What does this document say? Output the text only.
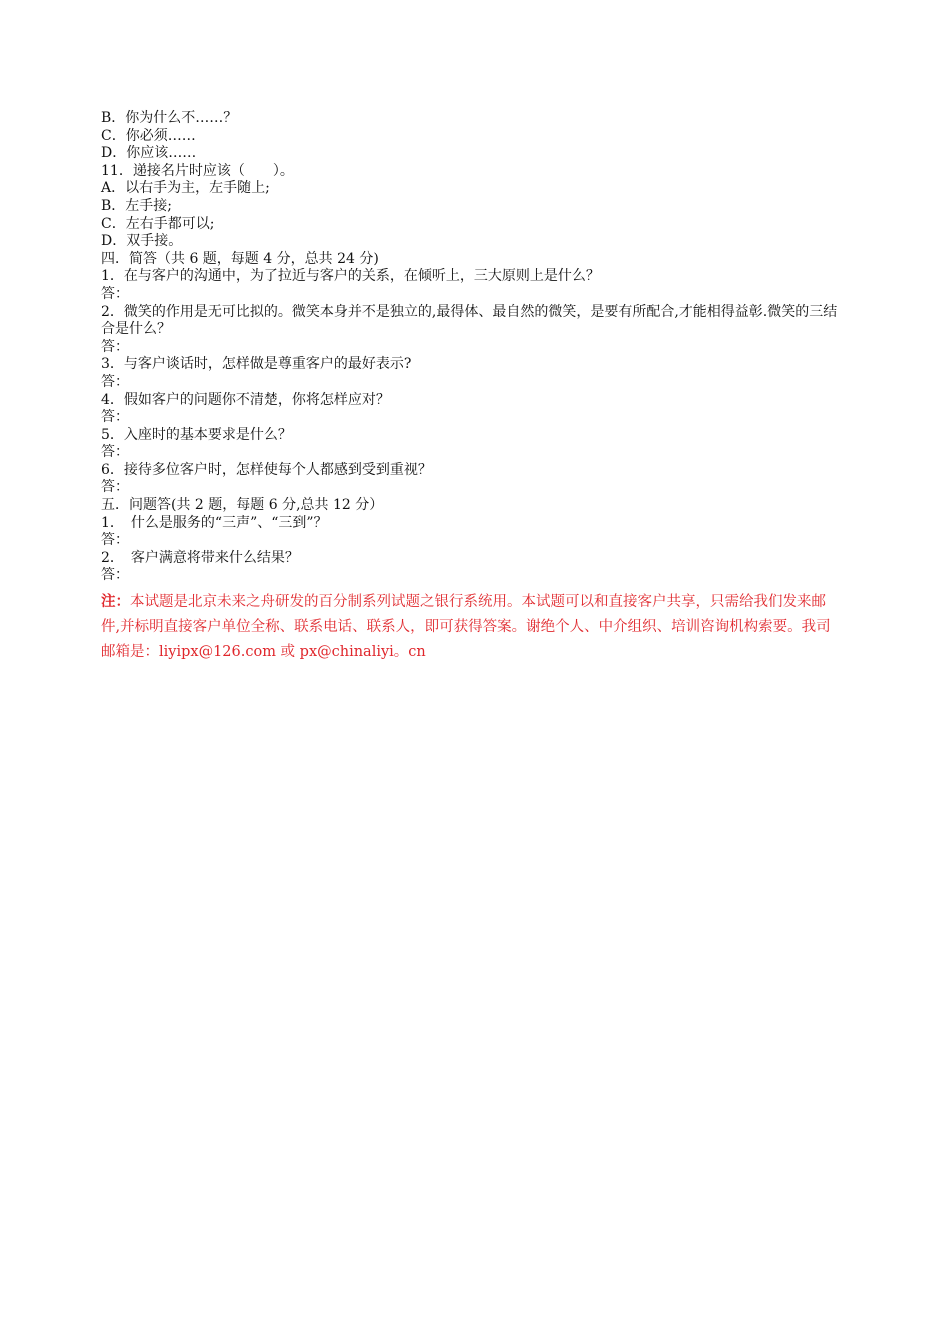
B．你为什么不……？
C．你必须……
D．你应该……
11．递接名片时应该（　　）。
A．以右手为主，左手随上;
B．左手接;
C．左右手都可以;
D．双手接。
四．简答（共 6 题，每题 4 分，总共 24 分)
1．在与客户的沟通中，为了拉近与客户的关系，在倾听上，三大原则上是什么？
答：
2．微笑的作用是无可比拟的。微笑本身并不是独立的,最得体、最自然的微笑，是要有所配合,才能相得益彰.微笑的三结合是什么？
答：
3．与客户谈话时，怎样做是尊重客户的最好表示?
答：
4．假如客户的问题你不清楚，你将怎样应对？
答：
5．入座时的基本要求是什么？
答：
6．接待多位客户时，怎样使每个人都感到受到重视？
答：
五．问题答(共 2 题，每题 6 分,总共 12 分）
1．　什么是服务的“三声”、“三到”？
答：
2．　客户满意将带来什么结果？
答：
注：本试题是北京未来之舟研发的百分制系列试题之银行系统用。本试题可以和直接客户共享，只需给我们发来邮件,并标明直接客户单位全称、联系电话、联系人，即可获得答案。谢绝个人、中介组织、培训咨询机构索要。我司邮箱是：liyipx@126.com 或 px@chinaliyi。cn
